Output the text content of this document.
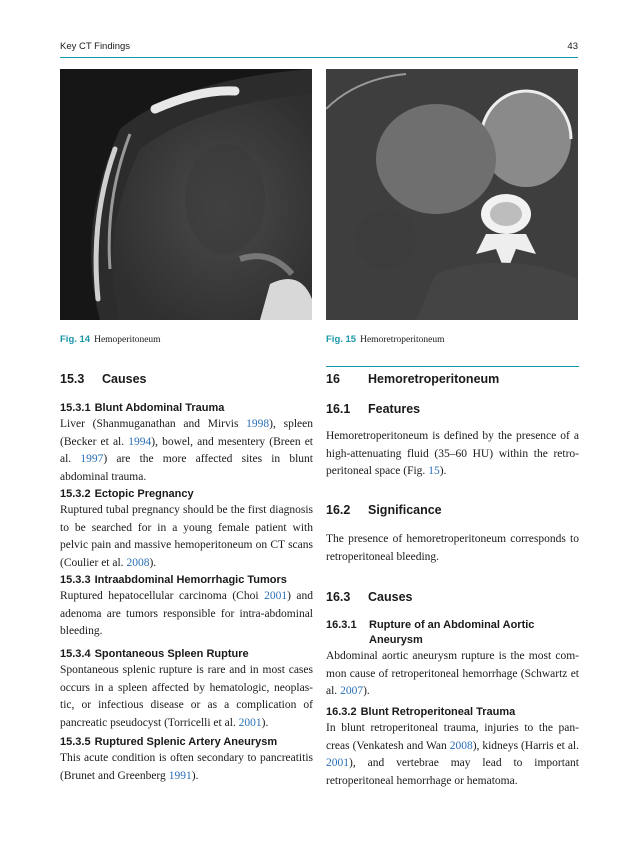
Key CT Findings	43
Fig. 14 Hemoperitoneum	Fig. 15 Hemoretroperitoneum
15.3 Causes
15.3.1 Blunt Abdominal Trauma
Liver (Shanmuganathan and Mirvis 1998), spleen (Becker et al. 1994), bowel, and mesentery (Breen et al. 1997) are the more affected sites in blunt abdominal trauma.
15.3.2 Ectopic Pregnancy
Ruptured tubal pregnancy should be the first diagnosis to be searched for in a young female patient with pelvic pain and massive hemoperitoneum on CT scans (Coulier et al. 2008).
15.3.3 Intraabdominal Hemorrhagic Tumors
Ruptured hepatocellular carcinoma (Choi 2001) and adenoma are tumors responsible for intra-abdominal bleeding.
15.3.4 Spontaneous Spleen Rupture
Spontaneous splenic rupture is rare and in most cases occurs in a spleen affected by hematologic, neoplas-tic, or infectious disease or as a complication of pancreatic pseudocyst (Torricelli et al. 2001).
15.3.5 Ruptured Splenic Artery Aneurysm
This acute condition is often secondary to pancreatitis (Brunet and Greenberg 1991).
16 Hemoretroperitoneum
16.1 Features
Hemoretroperitoneum is defined by the presence of a high-attenuating fluid (35–60 HU) within the retro-peritoneal space (Fig. 15).
16.2 Significance
The presence of hemoretroperitoneum corresponds to retroperitoneal bleeding.
16.3 Causes
16.3.1 Rupture of an Abdominal Aortic Aneurysm
Abdominal aortic aneurysm rupture is the most com-mon cause of retroperitoneal hemorrhage (Schwartz et al. 2007).
16.3.2 Blunt Retroperitoneal Trauma
In blunt retroperitoneal trauma, injuries to the pan-creas (Venkatesh and Wan 2008), kidneys (Harris et al. 2001), and vertebrae may lead to important retroperitoneal hemorrhage or hematoma.
